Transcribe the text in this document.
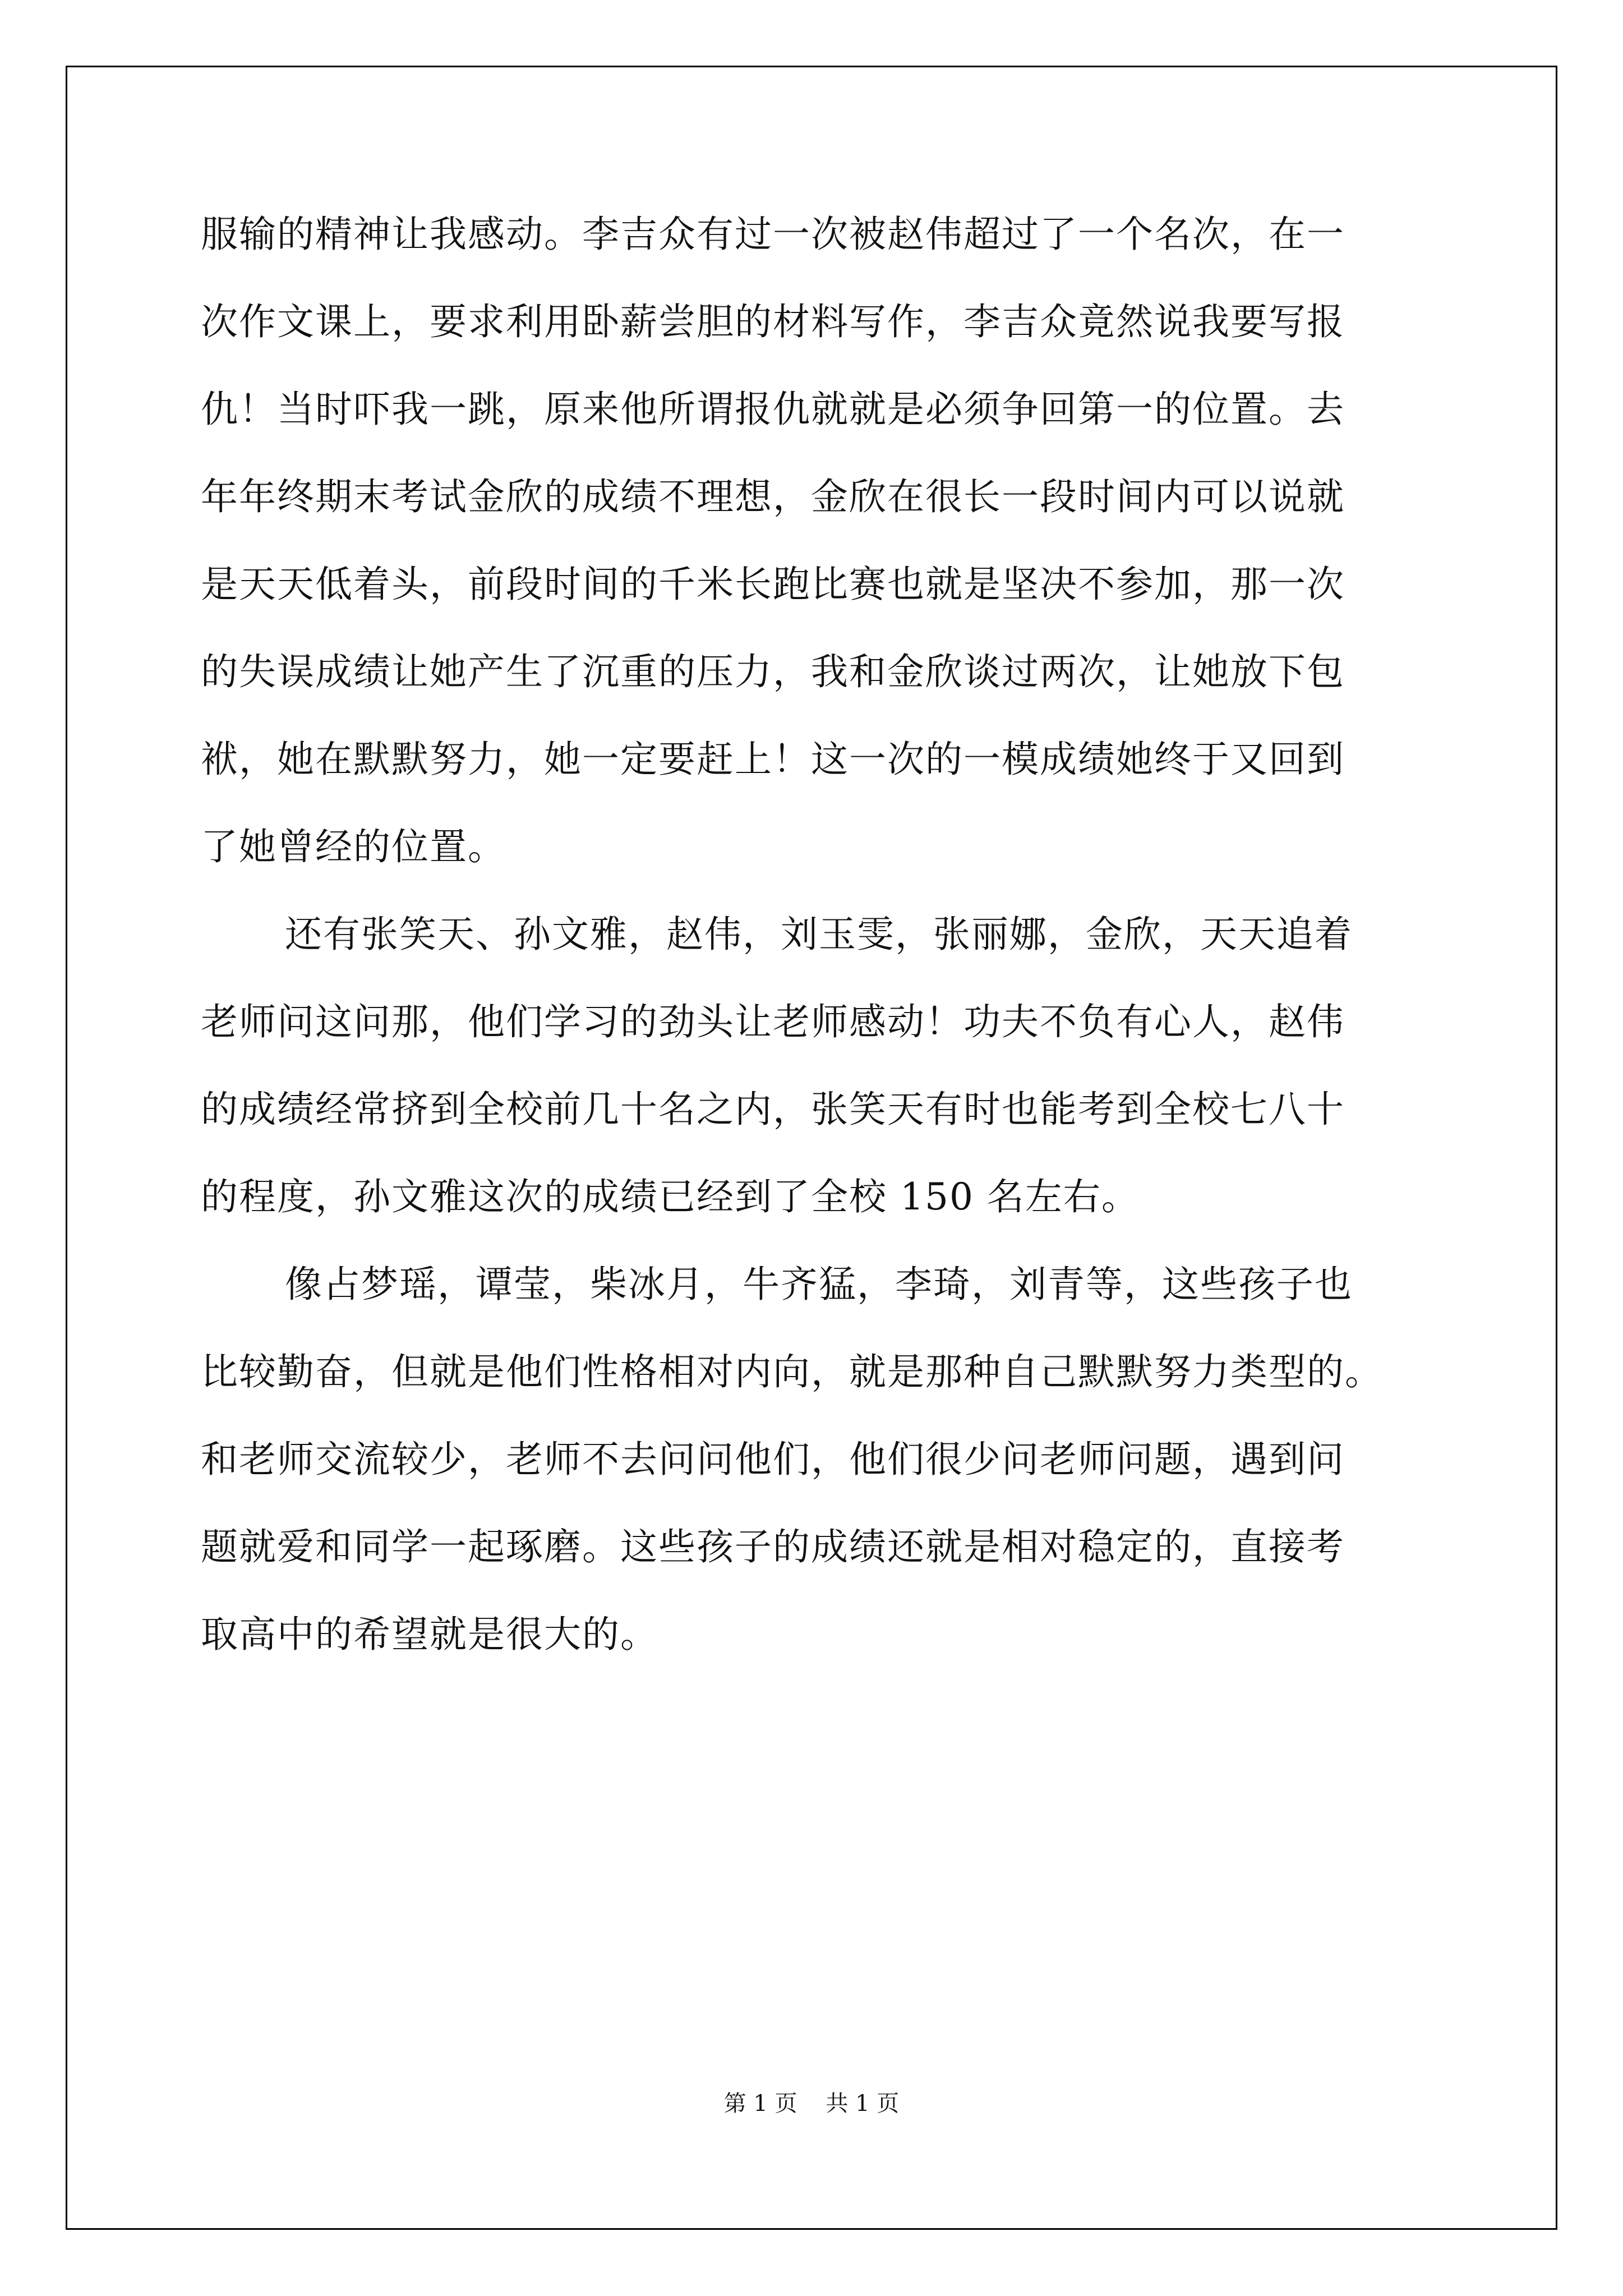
服输的精神让我感动。李吉众有过一次被赵伟超过了一个名次，在一
次作文课上，要求利用卧薪尝胆的材料写作，李吉众竟然说我要写报
仇！当时吓我一跳，原来他所谓报仇就就是必须争回第一的位置。去
年年终期末考试金欣的成绩不理想，金欣在很长一段时间内可以说就
是天天低着头，前段时间的千米长跑比赛也就是坚决不参加，那一次
的失误成绩让她产生了沉重的压力，我和金欣谈过两次，让她放下包
袱，她在默默努力，她一定要赶上！这一次的一模成绩她终于又回到
了她曾经的位置。

还有张笑天、孙文雅，赵伟，刘玉雯，张丽娜，金欣，天天追着
老师问这问那，他们学习的劲头让老师感动！功夫不负有心人，赵伟
的成绩经常挤到全校前几十名之内，张笑天有时也能考到全校七八十
的程度，孙文雅这次的成绩已经到了全校 150 名左右。

像占梦瑶，谭莹，柴冰月，牛齐猛，李琦，刘青等，这些孩子也
比较勤奋，但就是他们性格相对内向，就是那种自己默默努力类型的。
和老师交流较少，老师不去问问他们，他们很少问老师问题，遇到问
题就爱和同学一起琢磨。这些孩子的成绩还就是相对稳定的，直接考
取高中的希望就是很大的。

第 1 页    共 1 页
